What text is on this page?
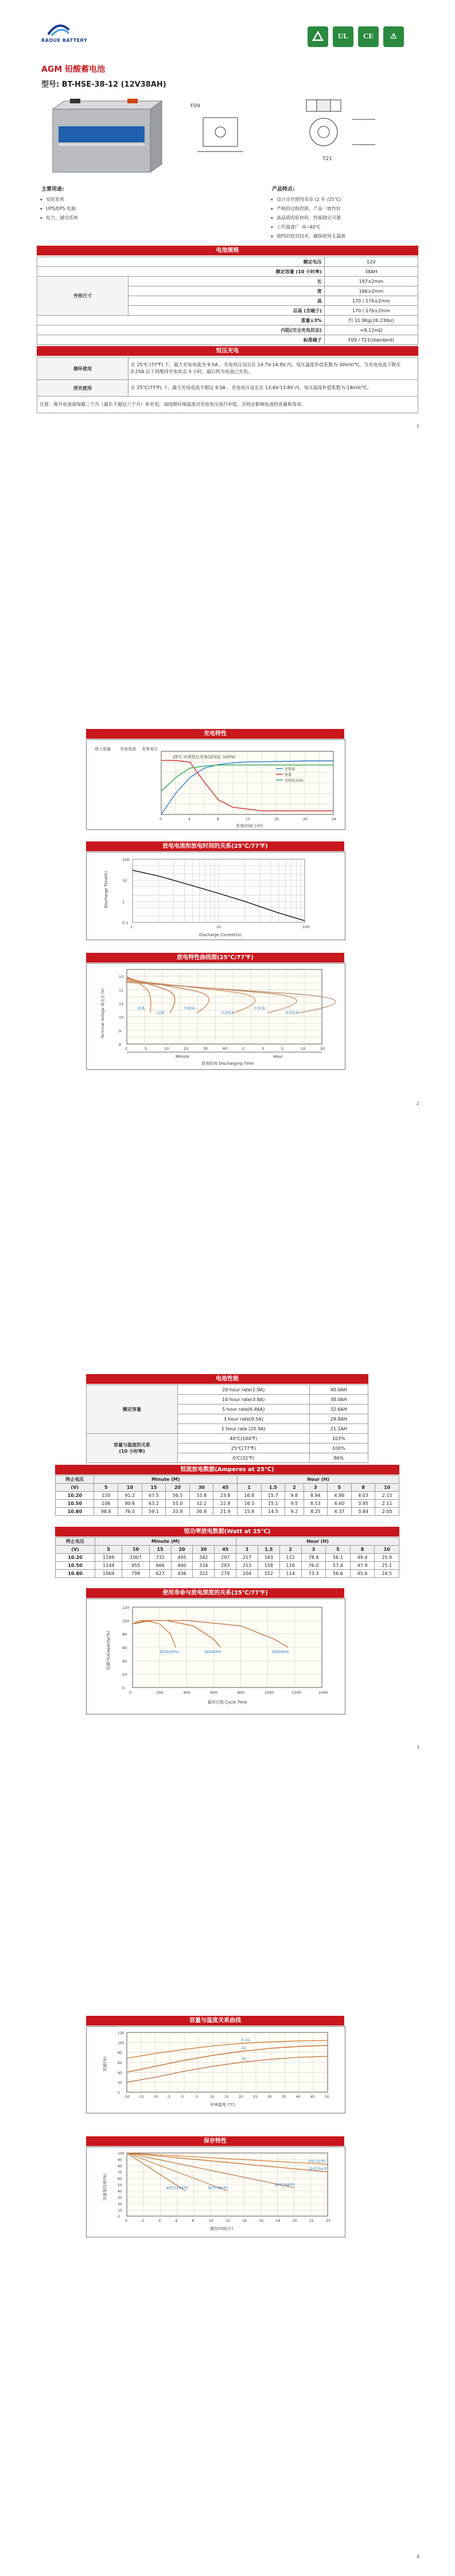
RAOUE BATTERY
UL	CE	⚠
AGM 铅酸蓄电池
型号: BT-HSE-38-12 (12V38AH)
F09
T21
主要用途:
◆ 安防系统
◆ UPS/EPS 电源
◆ 电力、通讯系统
产品特点:
◆ 设计浮充使用寿命 (2 年 /25℃)
◆ 严格的过程控制，产品一致性好
◆ 高品质的原材料，性能稳定可靠
◆ 工作温度广 -0~40℃
◆ 独特的密封技术，确保使用无漏液
电池规格
额定电压		12V
额定容量 (10 小时率)		38AH
外形尺寸	长	197±2mm
	宽	166±2mm
	高	170 / 176±2mm
	总高 (含端子)	170 / 176±2mm
重量±3%		约 11.9Kg(26.23lbs)
内阻(完全充电状态)		≈8.12mΩ
标准端子		F09 / T21(standard)
恒压充电
循环使用	在 25℃ (77℉) 下，最大充电电流为 9.5A ，充电电压设定在 14.7V-14.9V 内，电压温度补偿系数为-30mV/℃，当充电电流下降至 0.25A 以下再维持充电状态 3 小时，最后转为电池已充电。
浮充使用	在 25℃(77℉) 下，最大充电电流不超过 9.5A ，充电电压设定在 13.6V-13.8V 内，电压温度补偿系数为-18mV/℃。
注意：离开电池请每隔三个月（最长不超过六个月）补充电，请按照环境温度对充电电压进行补偿，否则会影响电池的容量和寿命。	
1
充电特性
25℃ 时用恒压充电(放电后 100%)
放入电量 充电电流 充电电压
充电时间(小时)
0	4	8	12	16	20	24
充电量
电流
充电电压(V)
放电电流和放电时间的关系(25℃/77℉)
1	10	100
0.1
1
10
100
Discharge Current(A)
Discharge Time(h)
放电特性曲线图(25℃/77℉)
8
9
10
11
12
13
2	5	10	20	30	60	2	3	5	10	20
2CA
1CA
0.6CA
0.25CA
0.1CA
0.05CA
Minute	Hour
放电时间 Discharging Time
Terminal Voltage 端电压 (V)
2
电池性能
额定容量	20 hour rate(1.9A)	40.0AH
	10 hour rate(3.8A)	38.0AH
	5 hour rate(6.46A)	32.6AH
	3 hour rate(9.5A)	28.8AH
	1 hour rate (20.9A)	21.1AH
容量与温度的关系
(10 小时率)	40℃(104℉)	103%
	25℃(77℉)	100%
	0℃(32℉)	86%
恒流放电数据(Amperes at 25℃)
终止电压	Minute (M)						Hour (H)						
(V)	5	10	15	20	30	45	1	1.5	2	3	5	8	10
10.20	120	91.2	67.5	56.5	33.8	23.8	16.8	15.7	9.8	8.94	4.86	4.03	2.15
10.50	106	80.6	63.2	55.0	32.2	22.8	16.3	15.1	9.5	8.53	4.60	3.95	2.11
10.80	98.8	76.0	59.1	33.8	30.8	21.9	15.8	14.5	9.2	8.25	4.37	3.84	2.05
恒功率放电数据(Watt at 25℃)
终止电压	Minute (M)						Hour (H)						
(V)	5	10	15	20	30	45	1	1.5	2	3	5	8	10
10.20	1169	1007	731	495	342	297	217	163	122	78.4	56.1	49.4	25.9
10.50	1144	955	666	440	334	293	213	158	116	76.0	57.4	47.9	25.1
10.80	1064	798	627	436	322	279	204	152	114	73.3	56.6	45.6	24.5
使用寿命与放电深度的关系(25℃/77℉)
0	200	400	600	800	1000	1200	1400
0
20
40
60
80
100
120
DOD100%	DOD50%	DOD30%
循环次数 Cycle Time
容量(%)Capacity(%)
3
容量与温度关系曲线
-20	-15	-10	-5	0	5	10	15	20	25	30	35	40	45	50
0
20
40
60
80
100
120
0.1C
1C
3C
环境温度 (℃)
容量(%)
保存特性
0	2	4	6	8	10	12	14	16	18	20	22	24
0
10
20
30
40
50
60
70
80
90
100
0℃(32℉)
10℃(50℉)
20℃(68℉)
30℃(86℉)
40℃(104℉)
储存时间(月)
容量保持率(%)
4
